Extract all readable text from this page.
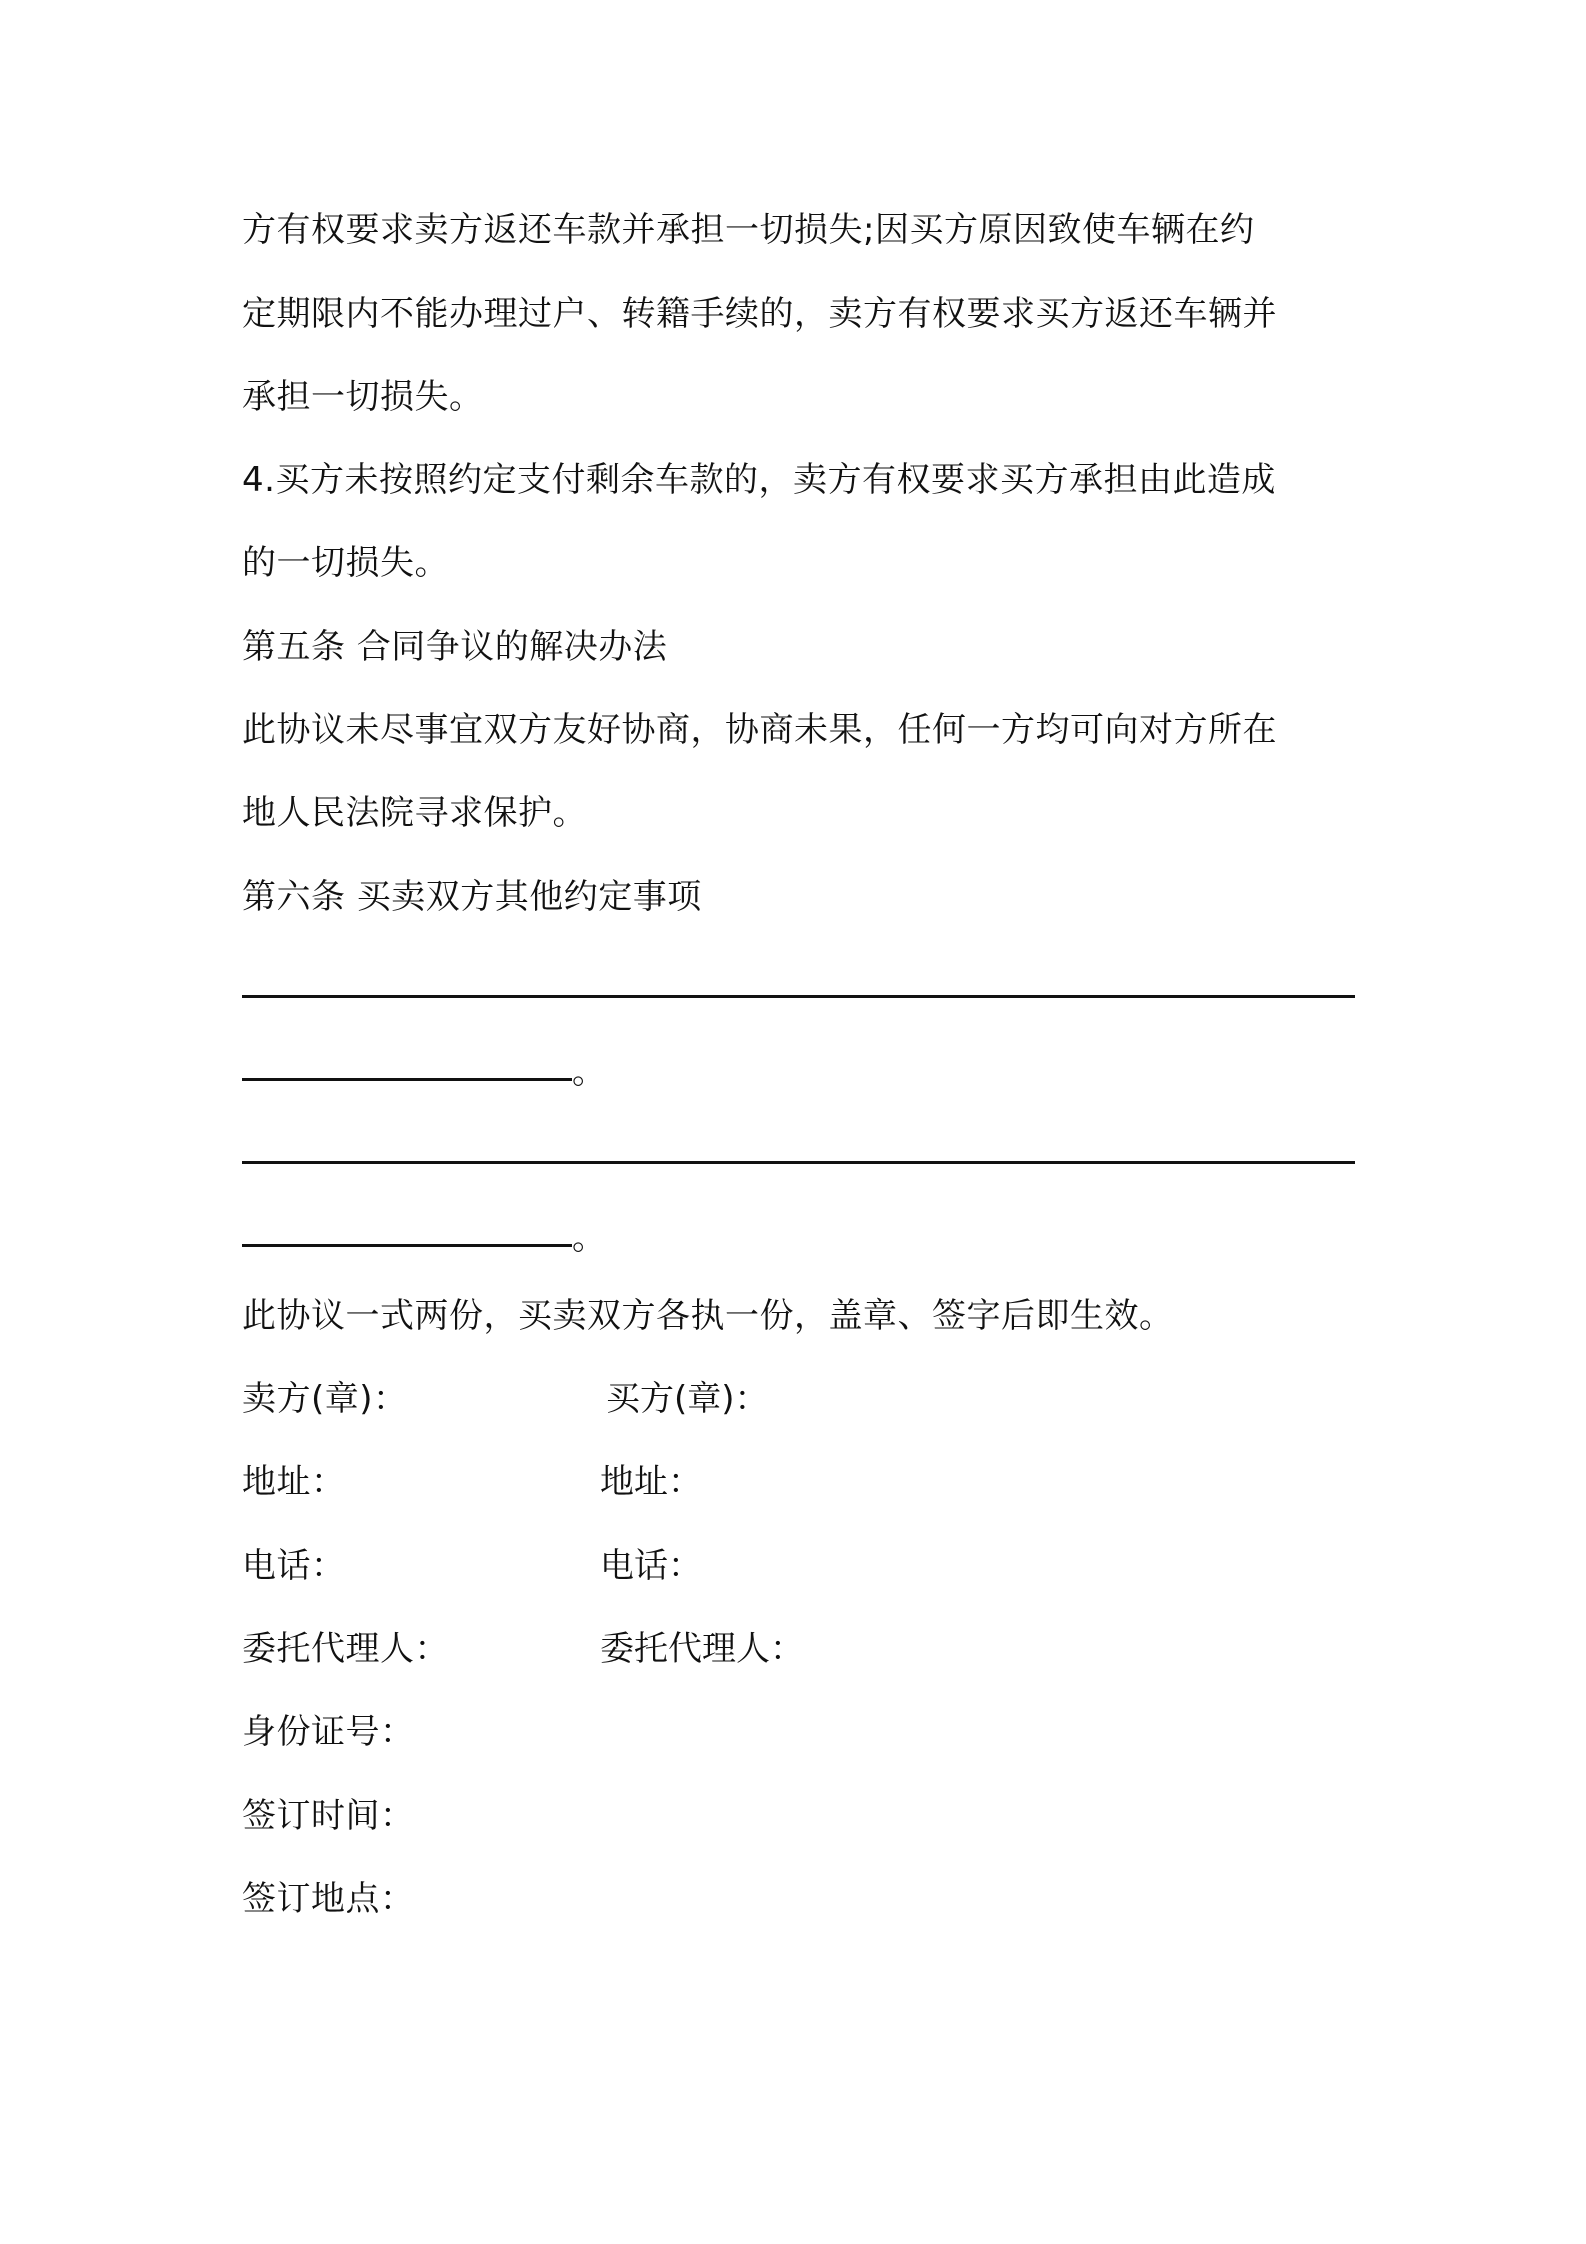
方有权要求卖方返还车款并承担一切损失;因买方原因致使车辆在约
定期限内不能办理过户、转籍手续的，卖方有权要求买方返还车辆并
承担一切损失。
4.买方未按照约定支付剩余车款的，卖方有权要求买方承担由此造成
的一切损失。
第五条 合同争议的解决办法
此协议未尽事宜双方友好协商，协商未果，任何一方均可向对方所在
地人民法院寻求保护。
第六条 买卖双方其他约定事项
。
。
此协议一式两份，买卖双方各执一份，盖章、签字后即生效。
卖方(章)：	买方(章)：
地址：	地址：
电话：	电话：
委托代理人：	委托代理人：
身份证号：
签订时间：
签订地点：
